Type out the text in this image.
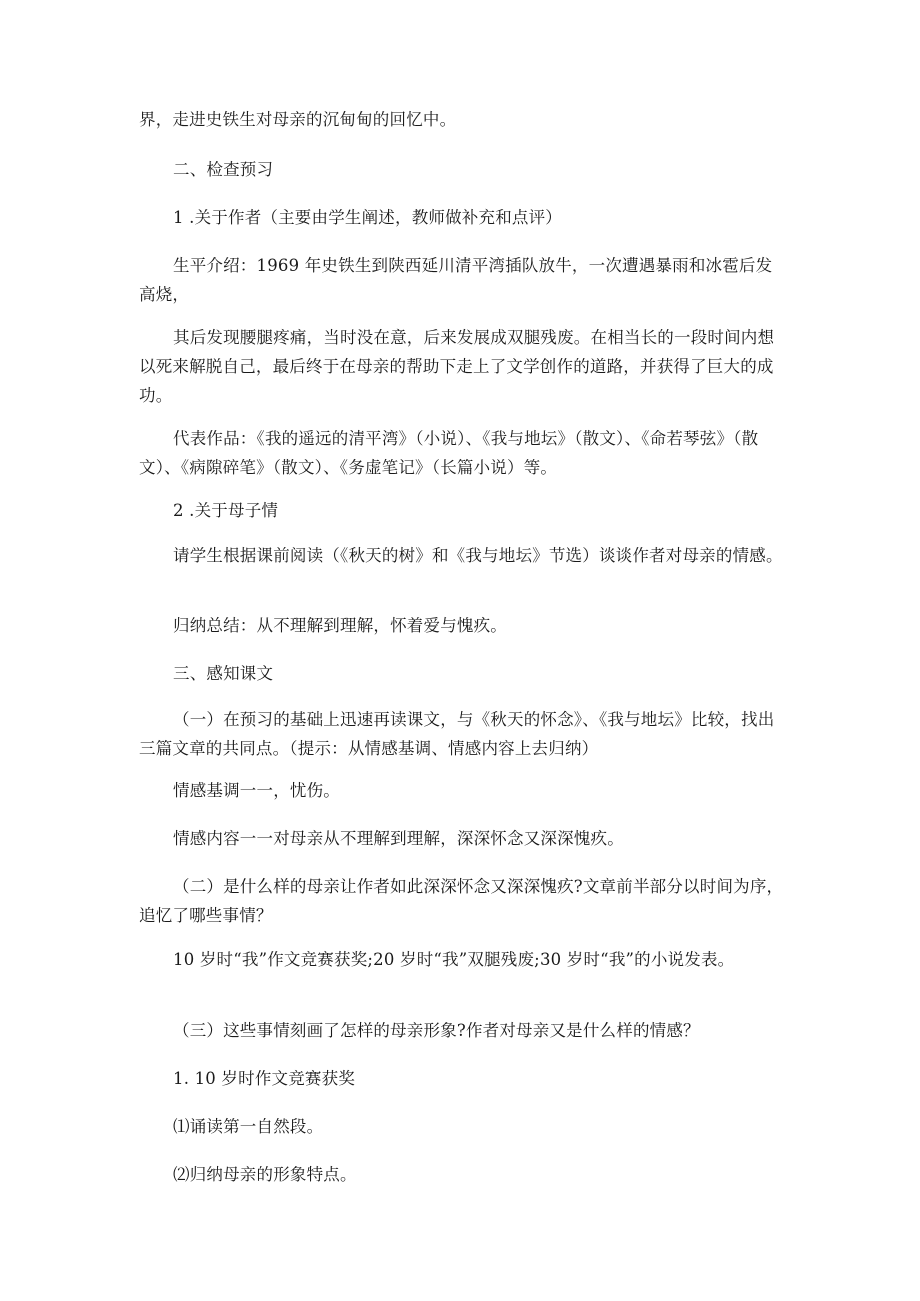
界，走进史铁生对母亲的沉甸甸的回忆中。

二、检查预习

1 .关于作者（主要由学生阐述，教师做补充和点评）

生平介绍：1969 年史铁生到陕西延川清平湾插队放牛，一次遭遇暴雨和冰雹后发高烧，

其后发现腰腿疼痛，当时没在意，后来发展成双腿残废。在相当长的一段时间内想以死来解脱自己，最后终于在母亲的帮助下走上了文学创作的道路，并获得了巨大的成功。

代表作品：《我的遥远的清平湾》（小说）、《我与地坛》（散文）、《命若琴弦》（散文）、《病隙碎笔》（散文）、《务虚笔记》（长篇小说）等。

2 .关于母子情

请学生根据课前阅读（《秋天的树》和《我与地坛》节选）谈谈作者对母亲的情感。

归纳总结：从不理解到理解，怀着爱与愧疚。

三、感知课文

（一）在预习的基础上迅速再读课文，与《秋天的怀念》、《我与地坛》比较，找出三篇文章的共同点。（提示：从情感基调、情感内容上去归纳）

情感基调一一，忧伤。

情感内容一一对母亲从不理解到理解，深深怀念又深深愧疚。

（二）是什么样的母亲让作者如此深深怀念又深深愧疚?文章前半部分以时间为序，追忆了哪些事情？

10 岁时“我”作文竞赛获奖;20 岁时“我”双腿残废;30 岁时“我”的小说发表。

（三）这些事情刻画了怎样的母亲形象?作者对母亲又是什么样的情感？

1. 10 岁时作文竞赛获奖

⑴诵读第一自然段。

⑵归纳母亲的形象特点。
